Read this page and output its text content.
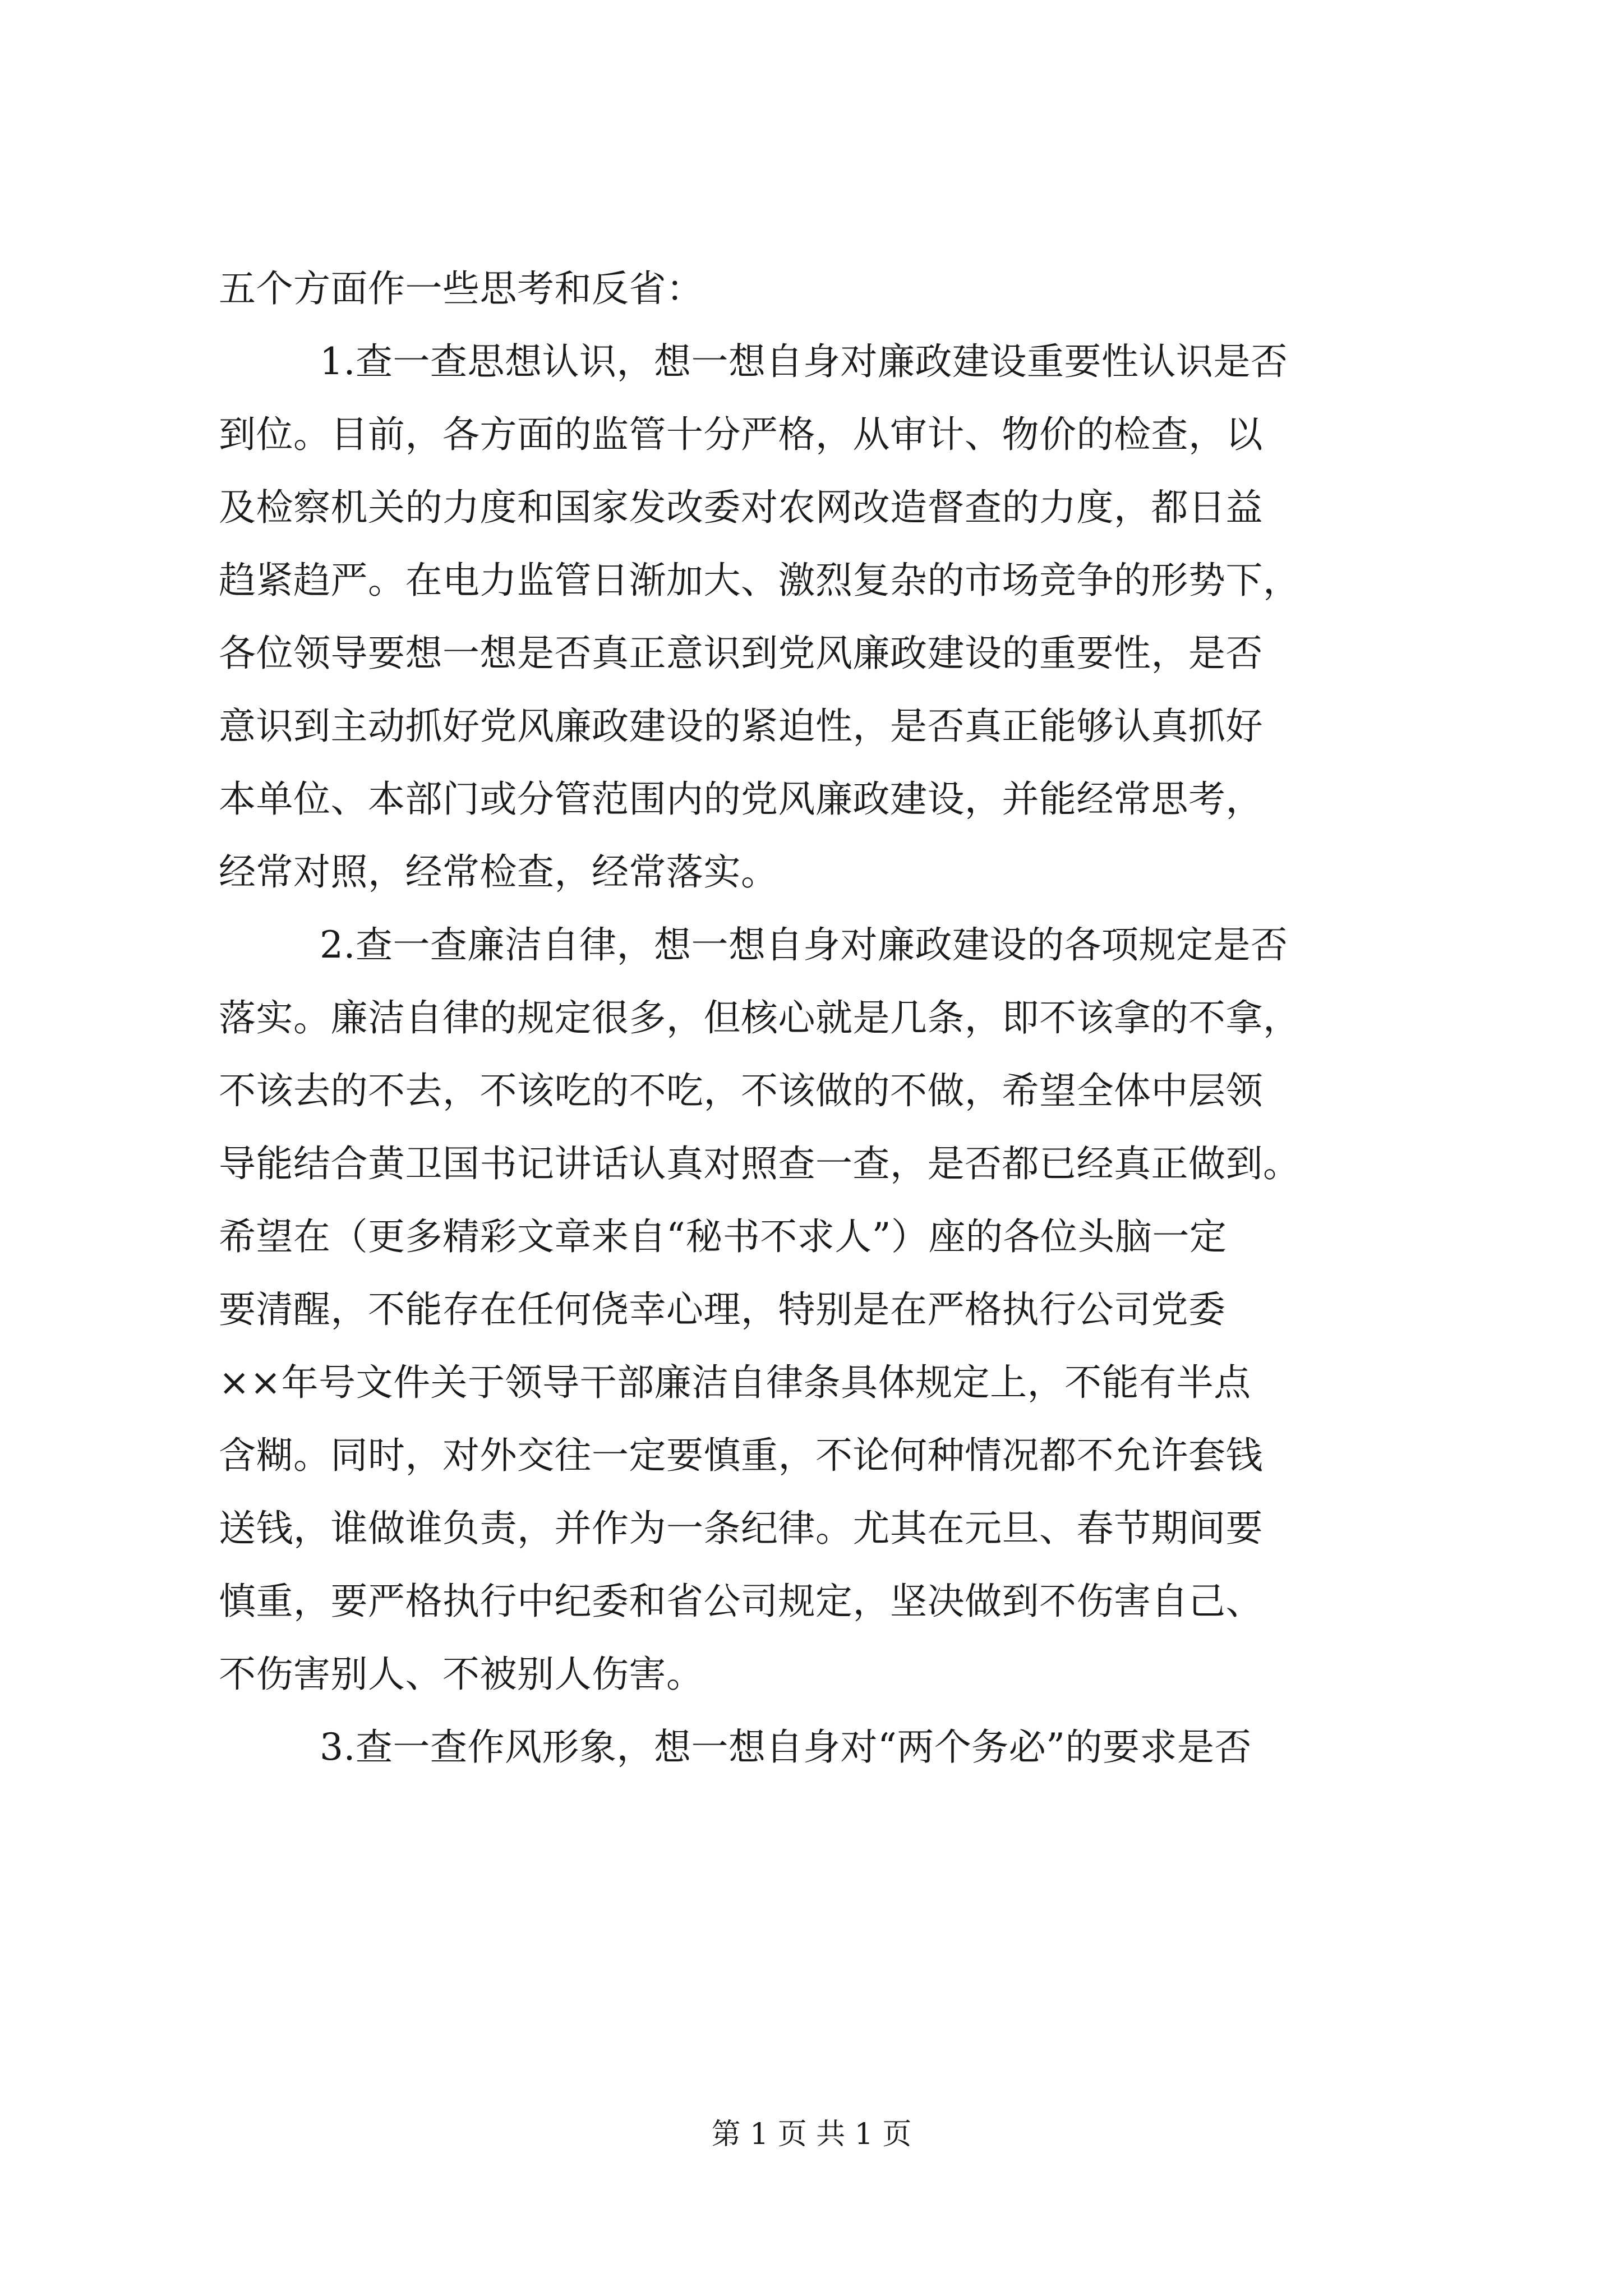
五个方面作一些思考和反省：
1.查一查思想认识，想一想自身对廉政建设重要性认识是否
到位。目前，各方面的监管十分严格，从审计、物价的检查，以
及检察机关的力度和国家发改委对农网改造督查的力度，都日益
趋紧趋严。在电力监管日渐加大、激烈复杂的市场竞争的形势下，
各位领导要想一想是否真正意识到党风廉政建设的重要性，是否
意识到主动抓好党风廉政建设的紧迫性，是否真正能够认真抓好
本单位、本部门或分管范围内的党风廉政建设，并能经常思考，
经常对照，经常检查，经常落实。
2.查一查廉洁自律，想一想自身对廉政建设的各项规定是否
落实。廉洁自律的规定很多，但核心就是几条，即不该拿的不拿，
不该去的不去，不该吃的不吃，不该做的不做，希望全体中层领
导能结合黄卫国书记讲话认真对照查一查，是否都已经真正做到。
希望在（更多精彩文章来自“秘书不求人”）座的各位头脑一定
要清醒，不能存在任何侥幸心理，特别是在严格执行公司党委
××年号文件关于领导干部廉洁自律条具体规定上，不能有半点
含糊。同时，对外交往一定要慎重，不论何种情况都不允许套钱
送钱，谁做谁负责，并作为一条纪律。尤其在元旦、春节期间要
慎重，要严格执行中纪委和省公司规定，坚决做到不伤害自己、
不伤害别人、不被别人伤害。
3.查一查作风形象，想一想自身对“两个务必”的要求是否
第 1 页 共 1 页
